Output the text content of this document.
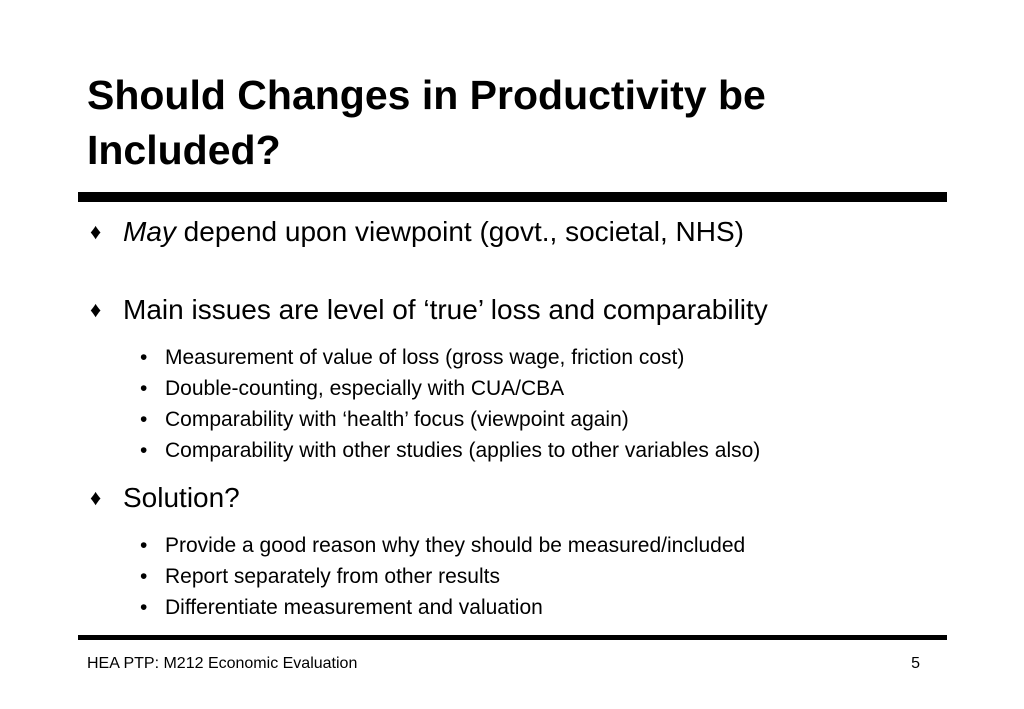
Should Changes in Productivity be Included?
♦ May depend upon viewpoint (govt., societal, NHS)
♦ Main issues are level of ‘true’ loss and comparability
• Measurement of value of loss (gross wage, friction cost)
• Double-counting, especially with CUA/CBA
• Comparability with ‘health’ focus (viewpoint again)
• Comparability with other studies (applies to other variables also)
♦ Solution?
• Provide a good reason why they should be measured/included
• Report separately from other results
• Differentiate measurement and valuation
HEA PTP: M212 Economic Evaluation	5
